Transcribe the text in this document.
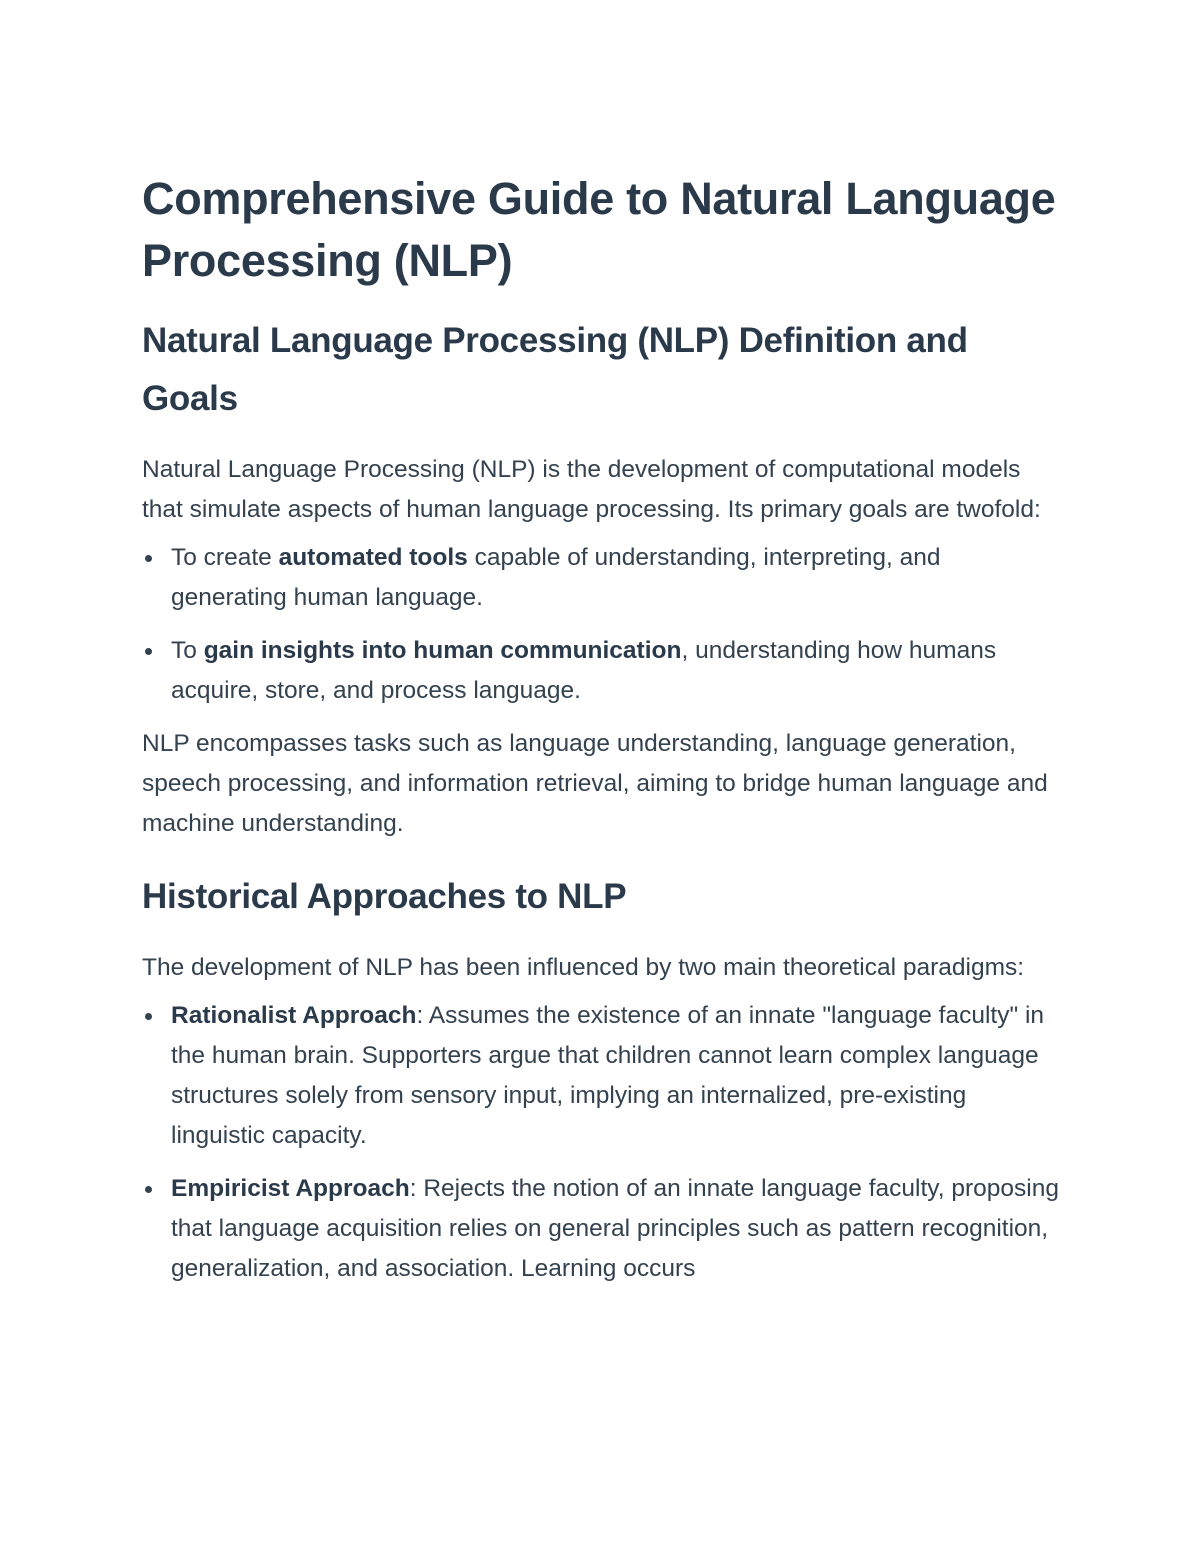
Comprehensive Guide to Natural Language Processing (NLP)
Natural Language Processing (NLP) Definition and Goals

Natural Language Processing (NLP) is the development of computational models that simulate aspects of human language processing. Its primary goals are twofold:

To create automated tools capable of understanding, interpreting, and generating human language.
To gain insights into human communication, understanding how humans acquire, store, and process language.

NLP encompasses tasks such as language understanding, language generation, speech processing, and information retrieval, aiming to bridge human language and machine understanding.

Historical Approaches to NLP

The development of NLP has been influenced by two main theoretical paradigms:

Rationalist Approach: Assumes the existence of an innate "language faculty" in the human brain. Supporters argue that children cannot learn complex language structures solely from sensory input, implying an internalized, pre-existing linguistic capacity.
Empiricist Approach: Rejects the notion of an innate language faculty, proposing that language acquisition relies on general principles such as pattern recognition, generalization, and association. Learning occurs
